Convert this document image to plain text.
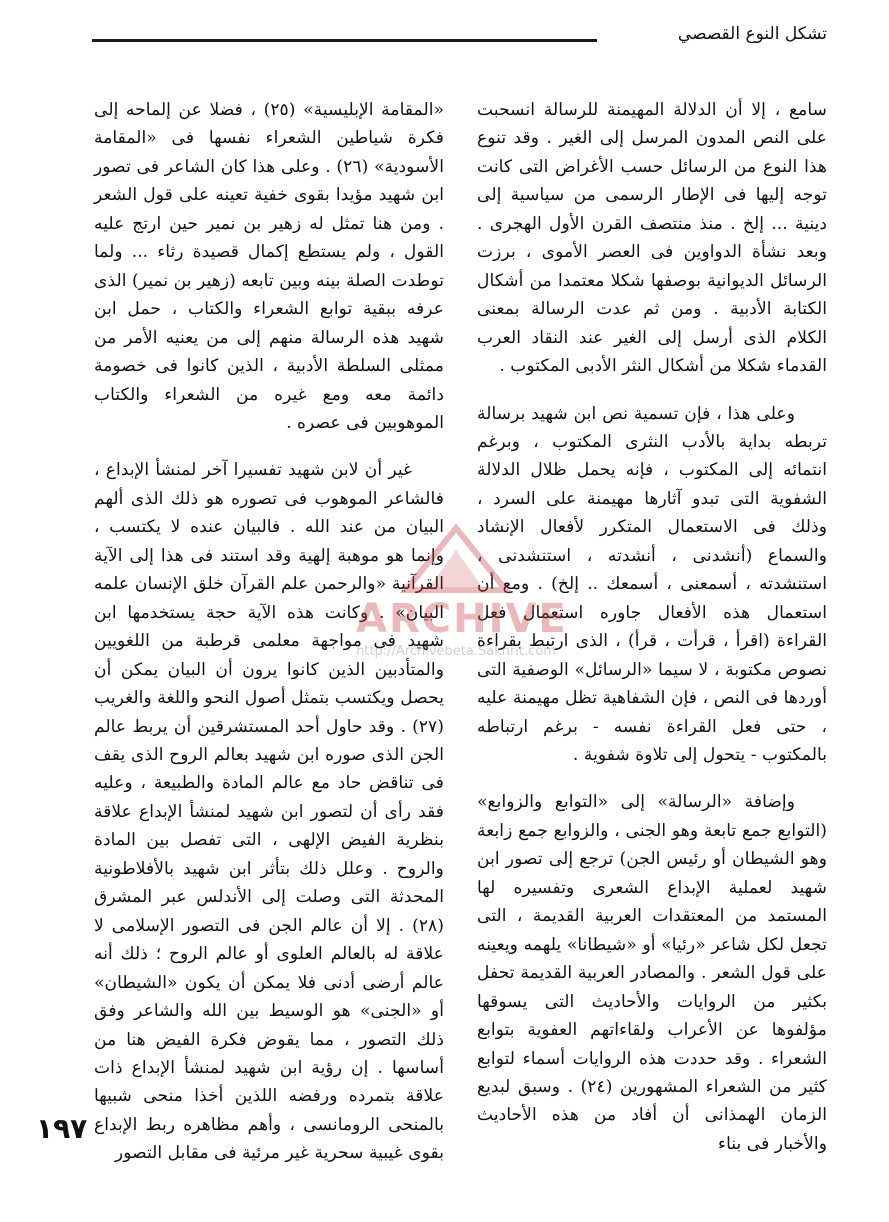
تشكل النوع القصصي

سامع ، إلا أن الدلالة المهيمنة للرسالة انسحبت على النص المدون المرسل إلى الغير . وقد تنوع هذا النوع من الرسائل حسب الأغراض التى كانت توجه إليها فى الإطار الرسمى من سياسية إلى دينية ... إلخ . منذ منتصف القرن الأول الهجرى . وبعد نشأة الدواوين فى العصر الأموى ، برزت الرسائل الديوانية بوصفها شكلا معتمدا من أشكال الكتابة الأدبية . ومن ثم عدت الرسالة بمعنى الكلام الذى أرسل إلى الغير عند النقاد العرب القدماء شكلا من أشكال النثر الأدبى المكتوب .

وعلى هذا ، فإن تسمية نص ابن شهيد برسالة تربطه بداية بالأدب النثرى المكتوب ، وبرغم انتمائه إلى المكتوب ، فإنه يحمل ظلال الدلالة الشفوية التى تبدو آثارها مهيمنة على السرد ، وذلك فى الاستعمال المتكرر لأفعال الإنشاد والسماع (أنشدنى ، أنشدته ، استنشدنى ، استنشدته ، أسمعنى ، أسمعك .. إلخ) . ومع أن استعمال هذه الأفعال جاوره استعمال فعل القراءة (اقرأ ، قرأت ، قرأ) ، الذى ارتبط بقراءة نصوص مكتوبة ، لا سيما «الرسائل» الوصفية التى أوردها فى النص ، فإن الشفاهية تظل مهيمنة عليه ، حتى فعل القراءة نفسه - برغم ارتباطه بالمكتوب - يتحول إلى تلاوة شفوية .

وإضافة «الرسالة» إلى «التوابع والزوابع» (التوابع جمع تابعة وهو الجنى ، والزوابع جمع زابعة وهو الشيطان أو رئيس الجن) ترجع إلى تصور ابن شهيد لعملية الإبداع الشعرى وتفسيره لها المستمد من المعتقدات العربية القديمة ، التى تجعل لكل شاعر «رئيا» أو «شيطانا» يلهمه ويعينه على قول الشعر . والمصادر العربية القديمة تحفل بكثير من الروايات والأحاديث التى يسوقها مؤلفوها عن الأعراب ولقاءاتهم العفوية بتوابع الشعراء . وقد حددت هذه الروايات أسماء لتوابع كثير من الشعراء المشهورين (٢٤) . وسبق لبديع الزمان الهمذانى أن أفاد من هذه الأحاديث والأخبار فى بناء

«المقامة الإبليسية» (٢٥) ، فضلا عن إلماحه إلى فكرة شياطين الشعراء نفسها فى «المقامة الأسودية» (٢٦) . وعلى هذا كان الشاعر فى تصور ابن شهيد مؤيدا بقوى خفية تعينه على قول الشعر . ومن هنا تمثل له زهير بن نمير حين ارتج عليه القول ، ولم يستطع إكمال قصيدة رثاء ... ولما توطدت الصلة بينه وبين تابعه (زهير بن نمير) الذى عرفه ببقية توابع الشعراء والكتاب ، حمل ابن شهيد هذه الرسالة منهم إلى من يعنيه الأمر من ممثلى السلطة الأدبية ، الذين كانوا فى خصومة دائمة معه ومع غيره من الشعراء والكتاب الموهوبين فى عصره .

غير أن لابن شهيد تفسيرا آخر لمنشأ الإبداع ، فالشاعر الموهوب فى تصوره هو ذلك الذى ألهم البيان من عند الله . فالبيان عنده لا يكتسب ، وإنما هو موهبة إلهية وقد استند فى هذا إلى الآية القرآنية «والرحمن علم القرآن خلق الإنسان علمه البيان» . وكانت هذه الآية حجة يستخدمها ابن شهيد فى مواجهة معلمى قرطبة من اللغويين والمتأدبين الذين كانوا يرون أن البيان يمكن أن يحصل ويكتسب بتمثل أصول النحو واللغة والغريب (٢٧) . وقد حاول أحد المستشرقين أن يربط عالم الجن الذى صوره ابن شهيد بعالم الروح الذى يقف فى تناقض حاد مع عالم المادة والطبيعة ، وعليه فقد رأى أن لتصور ابن شهيد لمنشأ الإبداع علاقة بنظرية الفيض الإلهى ، التى تفصل بين المادة والروح . وعلل ذلك بتأثر ابن شهيد بالأفلاطونية المحدثة التى وصلت إلى الأندلس عبر المشرق (٢٨) . إلا أن عالم الجن فى التصور الإسلامى لا علاقة له بالعالم العلوى أو عالم الروح ؛ ذلك أنه عالم أرضى أدنى فلا يمكن أن يكون «الشيطان» أو «الجنى» هو الوسيط بين الله والشاعر وفق ذلك التصور ، مما يقوض فكرة الفيض هنا من أساسها . إن رؤية ابن شهيد لمنشأ الإبداع ذات علاقة بتمرده ورفضه اللذين أخذا منحى شبيها بالمنحى الرومانسى ، وأهم مظاهره ربط الإبداع بقوى غيبية سحرية غير مرئية فى مقابل التصور

ARCHIVE
http://Archivebeta.Sakhrit.com
١٩٧
